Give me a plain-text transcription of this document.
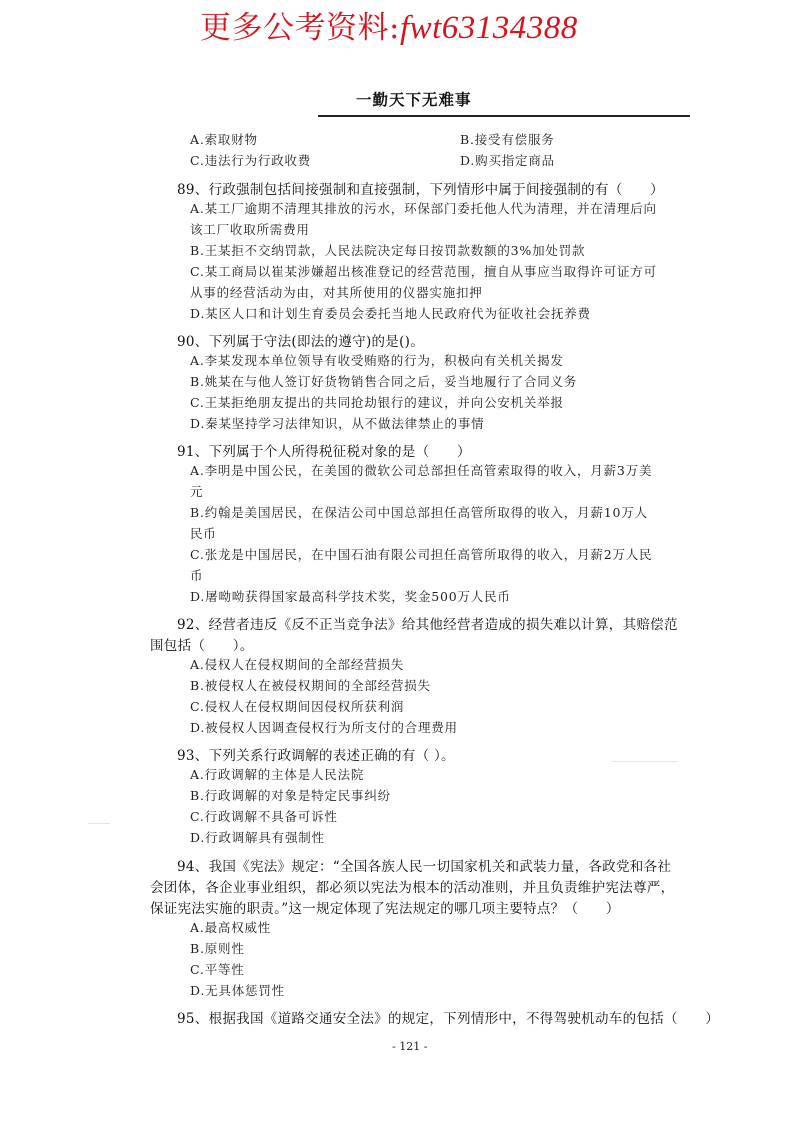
更多公考资料:fwt63134388
一勤天下无难事
A.索取财物	B.接受有偿服务
C.违法行为行政收费	D.购买指定商品
89、行政强制包括间接强制和直接强制，下列情形中属于间接强制的有（　　）
A.某工厂逾期不清理其排放的污水，环保部门委托他人代为清理，并在清理后向
该工厂收取所需费用
B.王某拒不交纳罚款，人民法院决定每日按罚款数额的3%加处罚款
C.某工商局以崔某涉嫌超出核准登记的经营范围，擅自从事应当取得许可证方可
从事的经营活动为由，对其所使用的仪器实施扣押
D.某区人口和计划生育委员会委托当地人民政府代为征收社会抚养费
90、下列属于守法(即法的遵守)的是()。
A.李某发现本单位领导有收受贿赂的行为，积极向有关机关揭发
B.姚某在与他人签订好货物销售合同之后，妥当地履行了合同义务
C.王某拒绝朋友提出的共同抢劫银行的建议，并向公安机关举报
D.秦某坚持学习法律知识，从不做法律禁止的事情
91、下列属于个人所得税征税对象的是（　　）
A.李明是中国公民，在美国的微软公司总部担任高管索取得的收入，月薪3万美
元
B.约翰是美国居民，在保洁公司中国总部担任高管所取得的收入，月薪10万人
民币
C.张龙是中国居民，在中国石油有限公司担任高管所取得的收入，月薪2万人民
币
D.屠呦呦获得国家最高科学技术奖，奖金500万人民币
92、经营者违反《反不正当竞争法》给其他经营者造成的损失难以计算，其赔偿范
围包括（　　）。
A.侵权人在侵权期间的全部经营损失
B.被侵权人在被侵权期间的全部经营损失
C.侵权人在侵权期间因侵权所获利润
D.被侵权人因调查侵权行为所支付的合理费用
＿＿＿＿＿＿
＿＿
93、下列关系行政调解的表述正确的有（ ）。
A.行政调解的主体是人民法院
B.行政调解的对象是特定民事纠纷
C.行政调解不具备可诉性
D.行政调解具有强制性
94、我国《宪法》规定：“全国各族人民一切国家机关和武装力量，各政党和各社
会团体，各企业事业组织，都必须以宪法为根本的活动准则，并且负责维护宪法尊严，
保证宪法实施的职责。”这一规定体现了宪法规定的哪几项主要特点？（　　）
A.最高权威性
B.原则性
C.平等性
D.无具体惩罚性
95、根据我国《道路交通安全法》的规定，下列情形中，不得驾驶机动车的包括（　　）
- 121 -
